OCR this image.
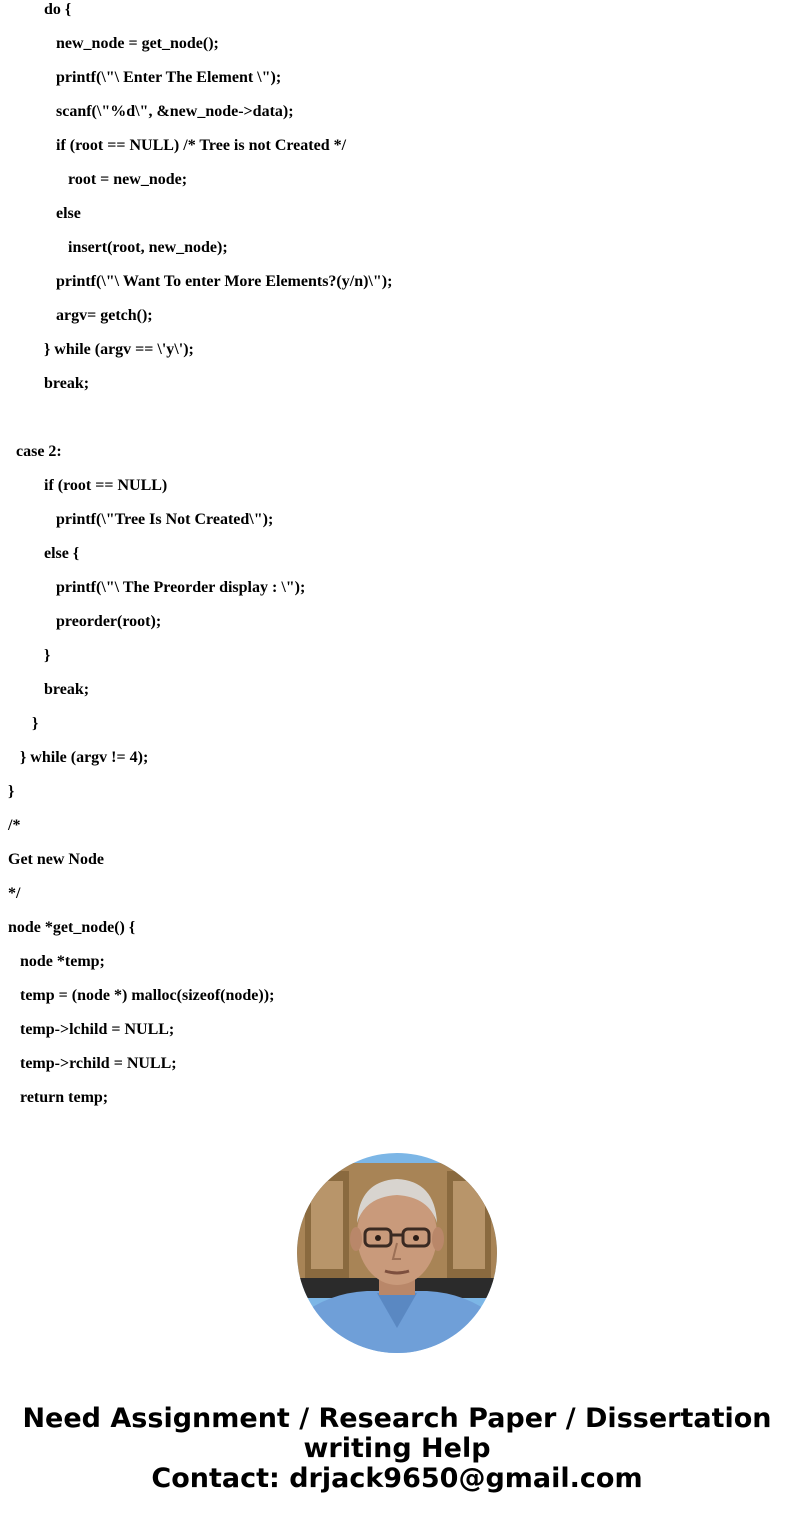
do {
new_node = get_node();
printf(\"\ Enter The Element \");
scanf(\"%d\", &new_node->data);
if (root == NULL) /* Tree is not Created */
root = new_node;
else
insert(root, new_node);
printf(\"\ Want To enter More Elements?(y/n)\");
argv= getch();
} while (argv == \'y\');
break;
case 2:
if (root == NULL)
printf(\"Tree Is Not Created\");
else {
printf(\"\ The Preorder display : \");
preorder(root);
}
break;
}
} while (argv != 4);
}
/*
Get new Node
*/
node *get_node() {
node *temp;
temp = (node *) malloc(sizeof(node));
temp->lchild = NULL;
temp->rchild = NULL;
return temp;
Need Assignment / Research Paper / Dissertation
writing Help
Contact: drjack9650@gmail.com
